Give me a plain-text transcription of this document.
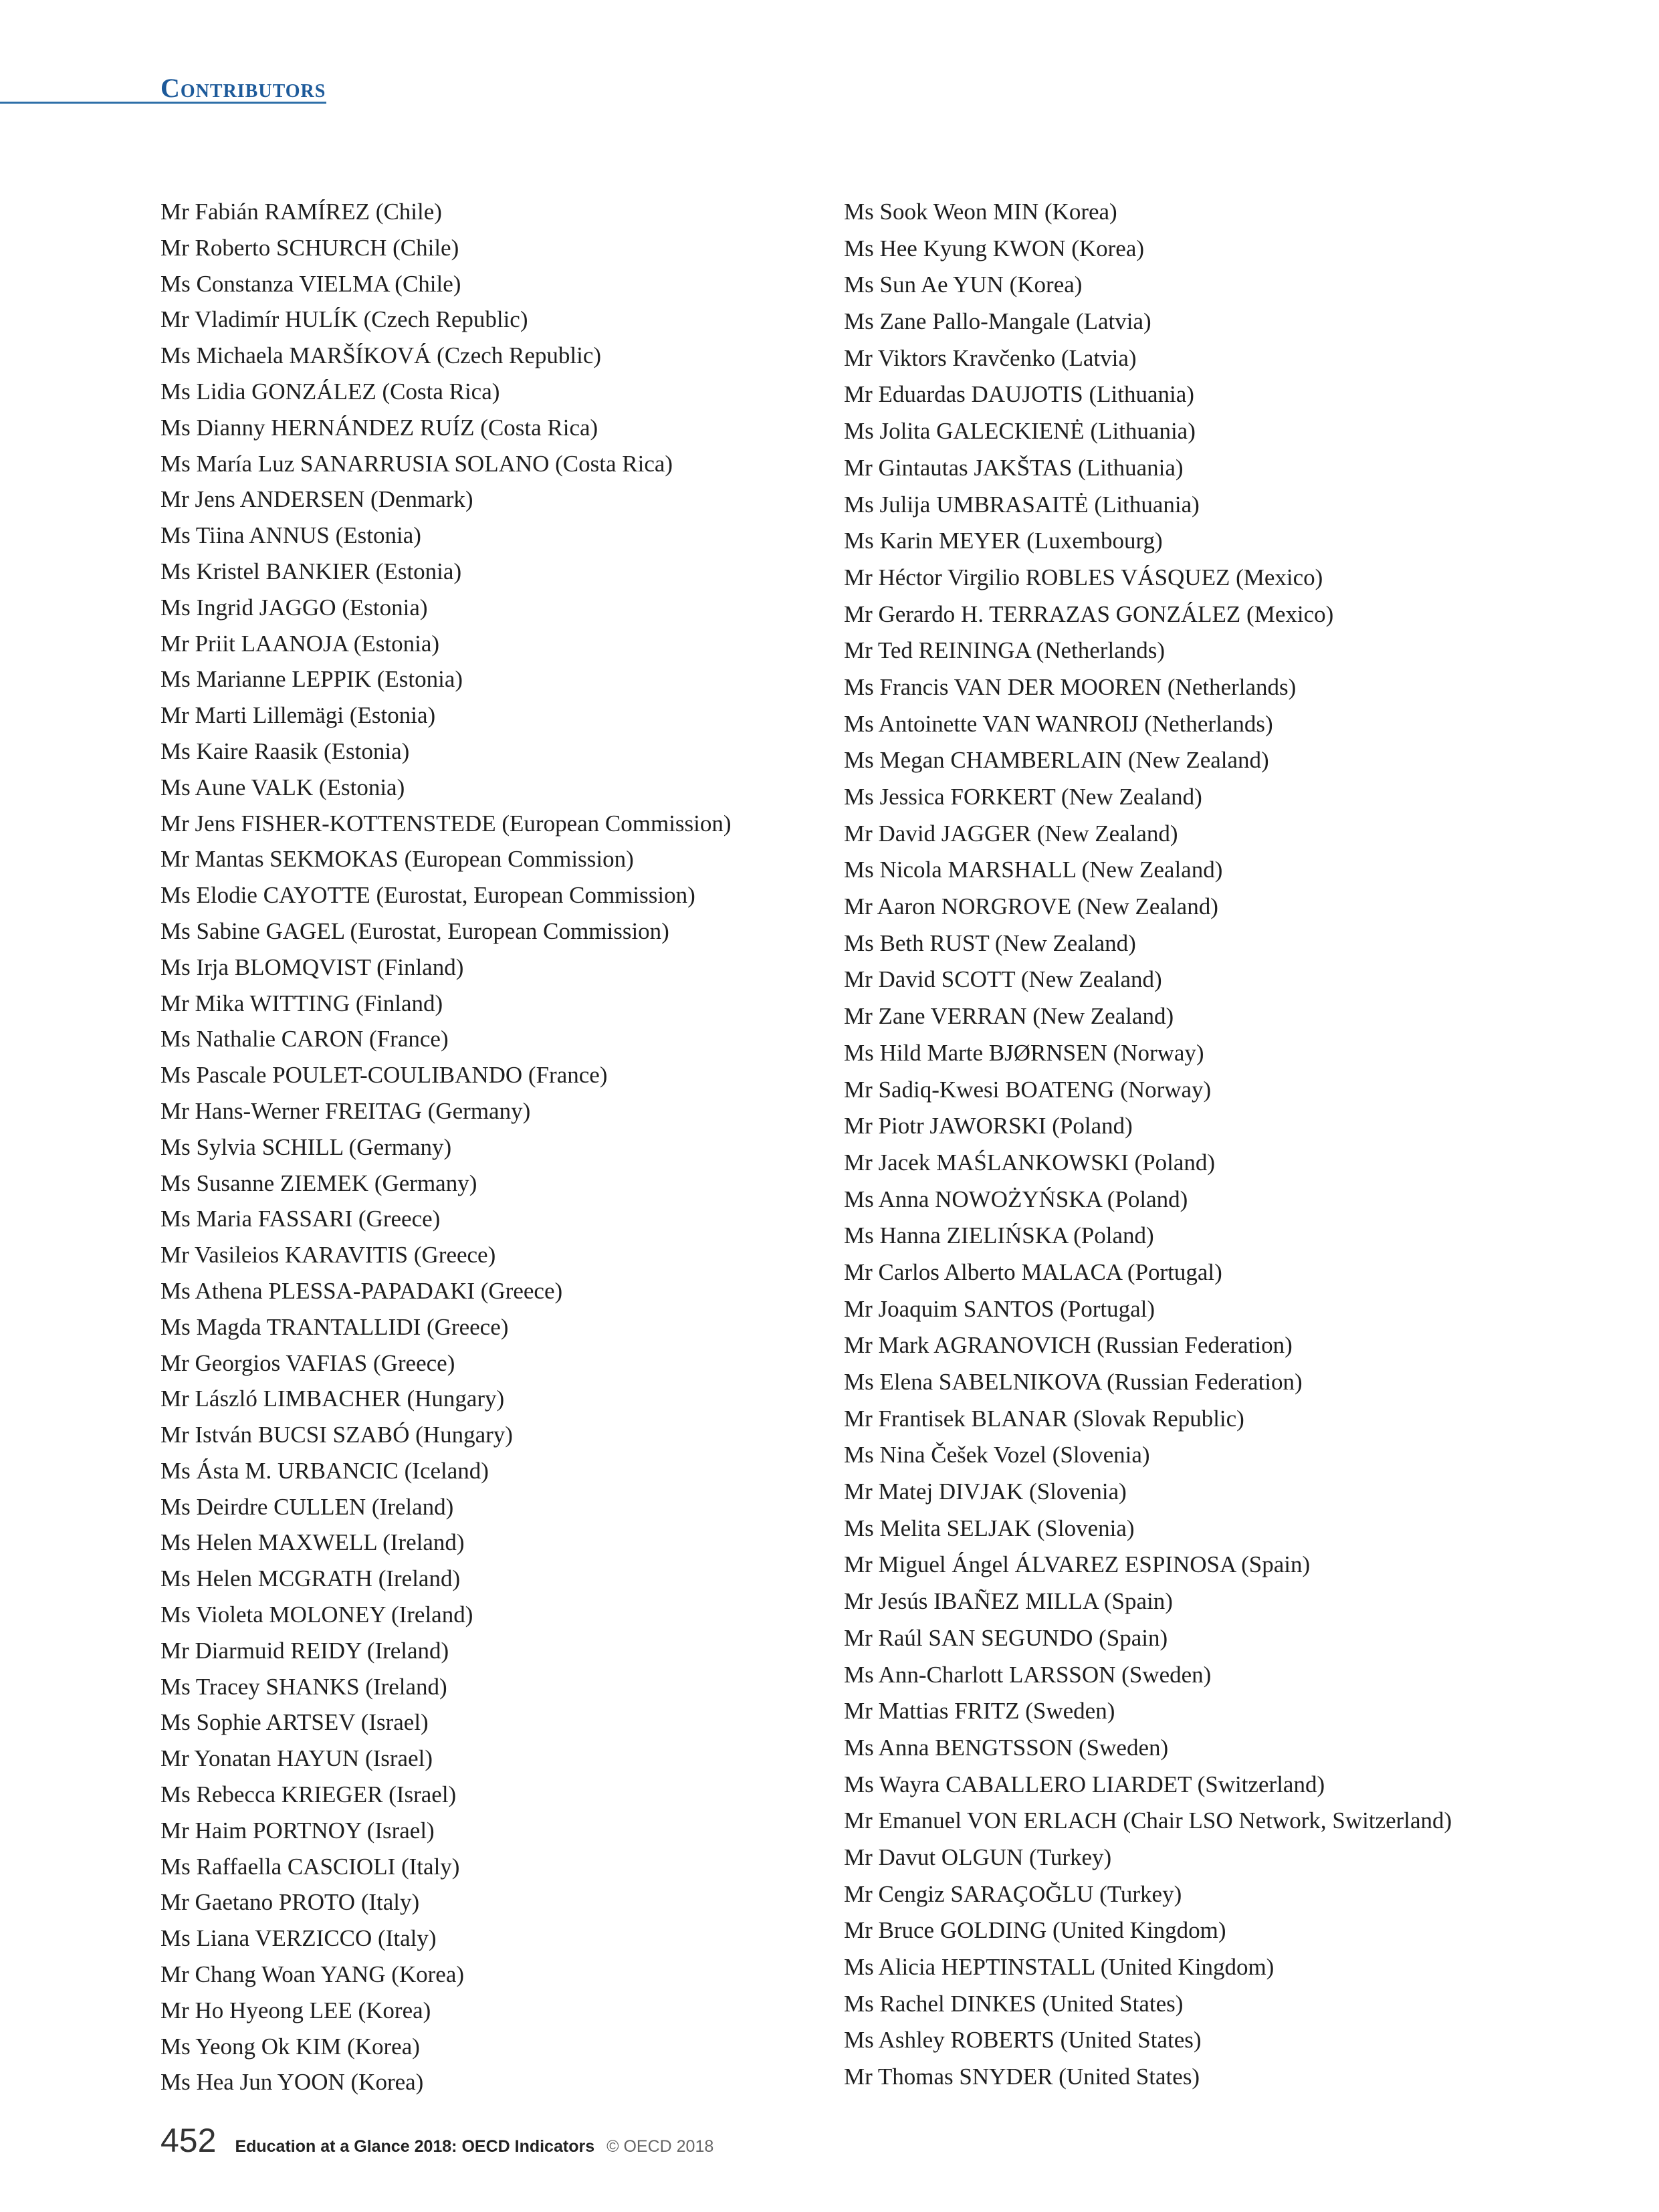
Contributors
Mr Fabián RAMÍREZ (Chile)
Mr Roberto SCHURCH (Chile)
Ms Constanza VIELMA (Chile)
Mr Vladimír HULÍK (Czech Republic)
Ms Michaela MARŠÍKOVÁ (Czech Republic)
Ms Lidia GONZÁLEZ (Costa Rica)
Ms Dianny HERNÁNDEZ RUÍZ (Costa Rica)
Ms María Luz SANARRUSIA SOLANO (Costa Rica)
Mr Jens ANDERSEN (Denmark)
Ms Tiina ANNUS (Estonia)
Ms Kristel BANKIER (Estonia)
Ms Ingrid JAGGO (Estonia)
Mr Priit LAANOJA (Estonia)
Ms Marianne LEPPIK (Estonia)
Mr Marti Lillemägi (Estonia)
Ms Kaire Raasik (Estonia)
Ms Aune VALK (Estonia)
Mr Jens FISHER-KOTTENSTEDE (European Commission)
Mr Mantas SEKMOKAS (European Commission)
Ms Elodie CAYOTTE (Eurostat, European Commission)
Ms Sabine GAGEL (Eurostat, European Commission)
Ms Irja BLOMQVIST (Finland)
Mr Mika WITTING (Finland)
Ms Nathalie CARON (France)
Ms Pascale POULET-COULIBANDO (France)
Mr Hans-Werner FREITAG (Germany)
Ms Sylvia SCHILL (Germany)
Ms Susanne ZIEMEK (Germany)
Ms Maria FASSARI (Greece)
Mr Vasileios KARAVITIS (Greece)
Ms Athena PLESSA-PAPADAKI (Greece)
Ms Magda TRANTALLIDI (Greece)
Mr Georgios VAFIAS (Greece)
Mr László LIMBACHER (Hungary)
Mr István BUCSI SZABÓ (Hungary)
Ms Ásta M. URBANCIC (Iceland)
Ms Deirdre CULLEN (Ireland)
Ms Helen MAXWELL (Ireland)
Ms Helen MCGRATH (Ireland)
Ms Violeta MOLONEY (Ireland)
Mr Diarmuid REIDY (Ireland)
Ms Tracey SHANKS (Ireland)
Ms Sophie ARTSEV (Israel)
Mr Yonatan HAYUN (Israel)
Ms Rebecca KRIEGER (Israel)
Mr Haim PORTNOY (Israel)
Ms Raffaella CASCIOLI (Italy)
Mr Gaetano PROTO (Italy)
Ms Liana VERZICCO (Italy)
Mr Chang Woan YANG (Korea)
Mr Ho Hyeong LEE (Korea)
Ms Yeong Ok KIM (Korea)
Ms Hea Jun YOON (Korea)
Ms Sook Weon MIN (Korea)
Ms Hee Kyung KWON (Korea)
Ms Sun Ae YUN (Korea)
Ms Zane Pallo-Mangale (Latvia)
Mr Viktors Kravčenko (Latvia)
Mr Eduardas DAUJOTIS (Lithuania)
Ms Jolita GALECKIENĖ (Lithuania)
Mr Gintautas JAKŠTAS (Lithuania)
Ms Julija UMBRASAITĖ (Lithuania)
Ms Karin MEYER (Luxembourg)
Mr Héctor Virgilio ROBLES VÁSQUEZ (Mexico)
Mr Gerardo H. TERRAZAS GONZÁLEZ (Mexico)
Mr Ted REININGA (Netherlands)
Ms Francis VAN DER MOOREN (Netherlands)
Ms Antoinette VAN WANROIJ (Netherlands)
Ms Megan CHAMBERLAIN (New Zealand)
Ms Jessica FORKERT (New Zealand)
Mr David JAGGER (New Zealand)
Ms Nicola MARSHALL (New Zealand)
Mr Aaron NORGROVE (New Zealand)
Ms Beth RUST (New Zealand)
Mr David SCOTT (New Zealand)
Mr Zane VERRAN (New Zealand)
Ms Hild Marte BJØRNSEN (Norway)
Mr Sadiq-Kwesi BOATENG (Norway)
Mr Piotr JAWORSKI (Poland)
Mr Jacek MAŚLANKOWSKI (Poland)
Ms Anna NOWOŻYŃSKA (Poland)
Ms Hanna ZIELIŃSKA (Poland)
Mr Carlos Alberto MALACA (Portugal)
Mr Joaquim SANTOS (Portugal)
Mr Mark AGRANOVICH (Russian Federation)
Ms Elena SABELNIKOVA (Russian Federation)
Mr Frantisek BLANAR (Slovak Republic)
Ms Nina Češek Vozel (Slovenia)
Mr Matej DIVJAK (Slovenia)
Ms Melita SELJAK (Slovenia)
Mr Miguel Ángel ÁLVAREZ ESPINOSA (Spain)
Mr Jesús IBAÑEZ MILLA (Spain)
Mr Raúl SAN SEGUNDO (Spain)
Ms Ann-Charlott LARSSON (Sweden)
Mr Mattias FRITZ (Sweden)
Ms Anna BENGTSSON (Sweden)
Ms Wayra CABALLERO LIARDET (Switzerland)
Mr Emanuel VON ERLACH (Chair LSO Network, Switzerland)
Mr Davut OLGUN (Turkey)
Mr Cengiz SARAÇOĞLU (Turkey)
Mr Bruce GOLDING (United Kingdom)
Ms Alicia HEPTINSTALL (United Kingdom)
Ms Rachel DINKES (United States)
Ms Ashley ROBERTS (United States)
Mr Thomas SNYDER (United States)
452 Education at a Glance 2018: OECD Indicators © OECD 2018
